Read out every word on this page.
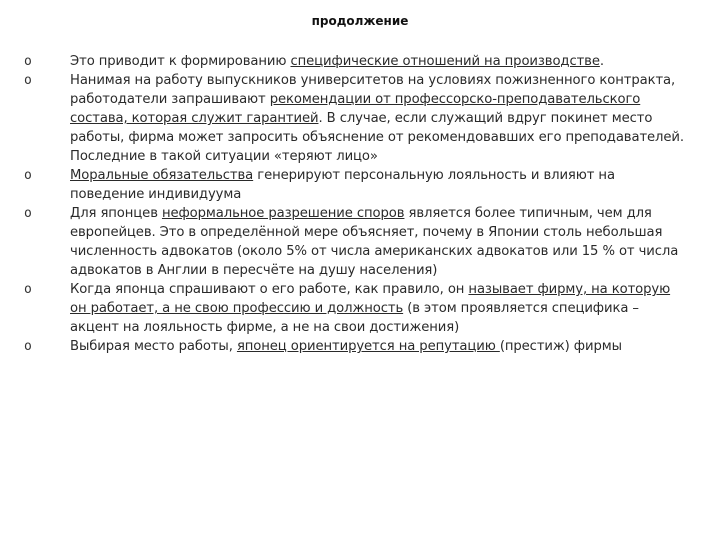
продолжение
o	Это приводит к формированию специфические отношений на производстве.
o	Нанимая на работу выпускников университетов на условиях пожизненного контракта, работодатели запрашивают рекомендации от профессорско-преподавательского состава, которая служит гарантией. В случае, если служащий вдруг покинет место работы, фирма может запросить объяснение от рекомендовавших его преподавателей. Последние в такой ситуации «теряют лицо»
o	Моральные обязательства генерируют персональную лояльность и влияют на поведение индивидуума
o	Для японцев неформальное разрешение споров является более типичным, чем для европейцев. Это в определённой мере объясняет, почему в Японии столь небольшая численность адвокатов (около 5% от числа американских адвокатов или 15 % от числа адвокатов в Англии в пересчёте на душу населения)
o	Когда японца спрашивают о его работе, как правило, он называет фирму, на которую он работает, а не свою профессию и должность (в этом проявляется специфика – акцент на лояльность фирме, а не на свои достижения)
o	Выбирая место работы, японец ориентируется на репутацию (престиж) фирмы
